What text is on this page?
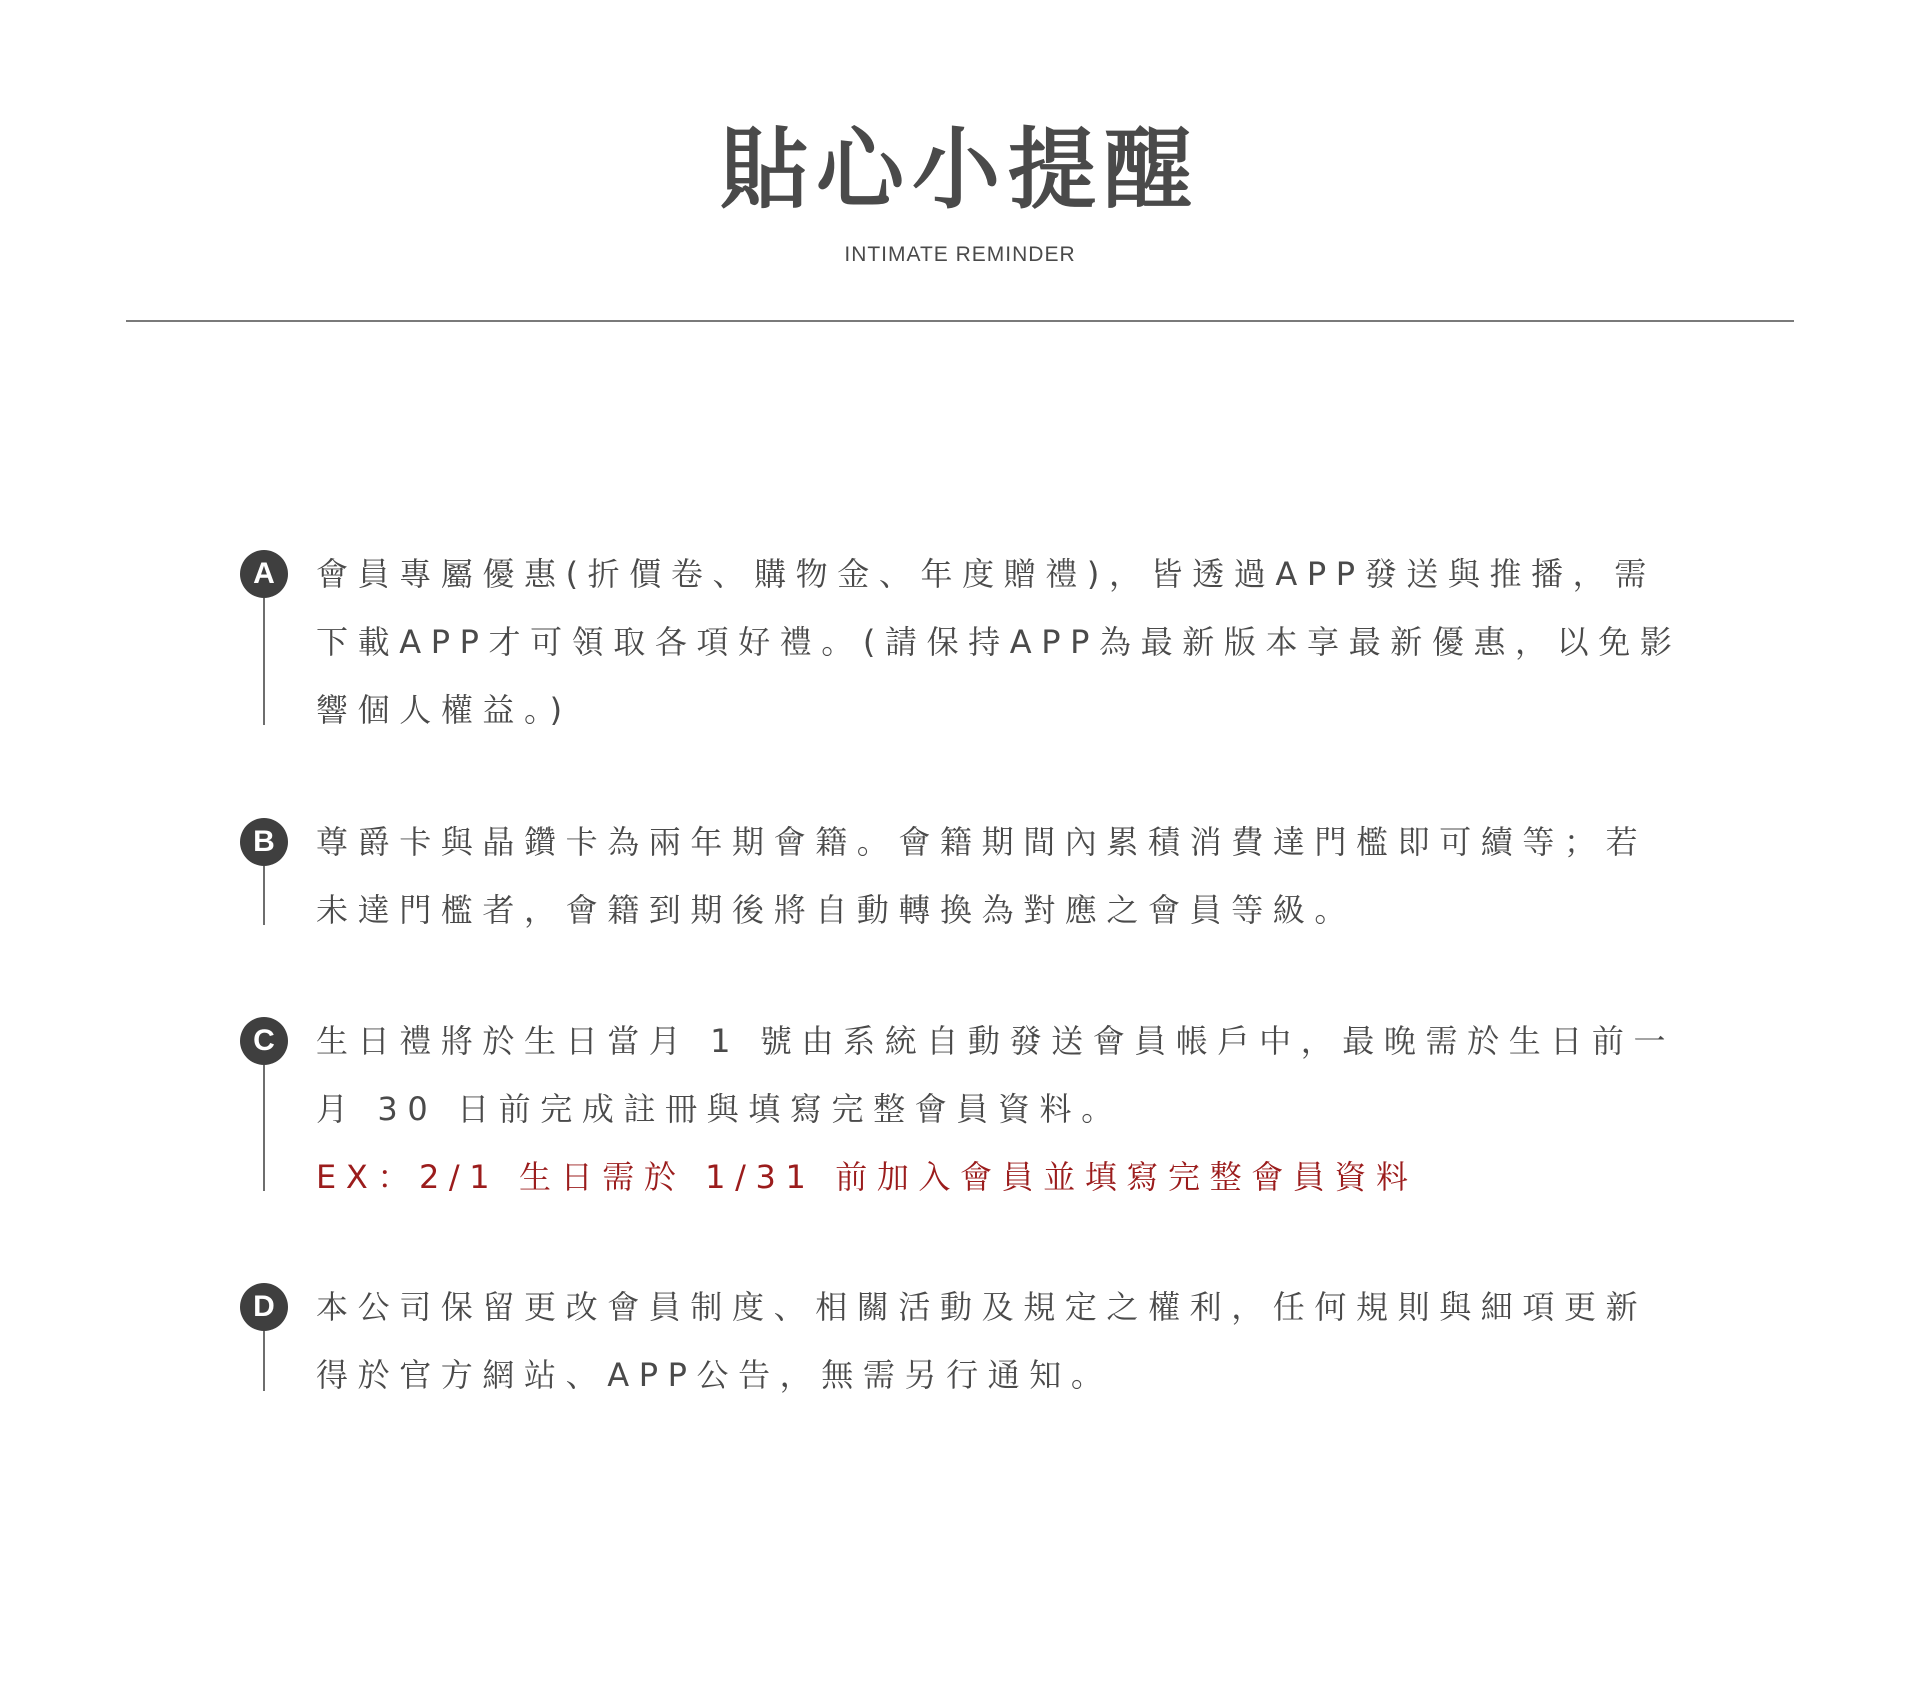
貼心小提醒
INTIMATE REMINDER
A	會員專屬優惠(折價卷、購物金、年度贈禮)，皆透過APP發送與推播，需
下載APP才可領取各項好禮。(請保持APP為最新版本享最新優惠，以免影
響個人權益。)
B	尊爵卡與晶鑽卡為兩年期會籍。會籍期間內累積消費達門檻即可續等；若
未達門檻者，會籍到期後將自動轉換為對應之會員等級。
C	生日禮將於生日當月 1 號由系統自動發送會員帳戶中，最晚需於生日前一
月 30 日前完成註冊與填寫完整會員資料。
EX：2/1 生日需於 1/31 前加入會員並填寫完整會員資料
D	本公司保留更改會員制度、相關活動及規定之權利，任何規則與細項更新
得於官方網站、APP公告，無需另行通知。
